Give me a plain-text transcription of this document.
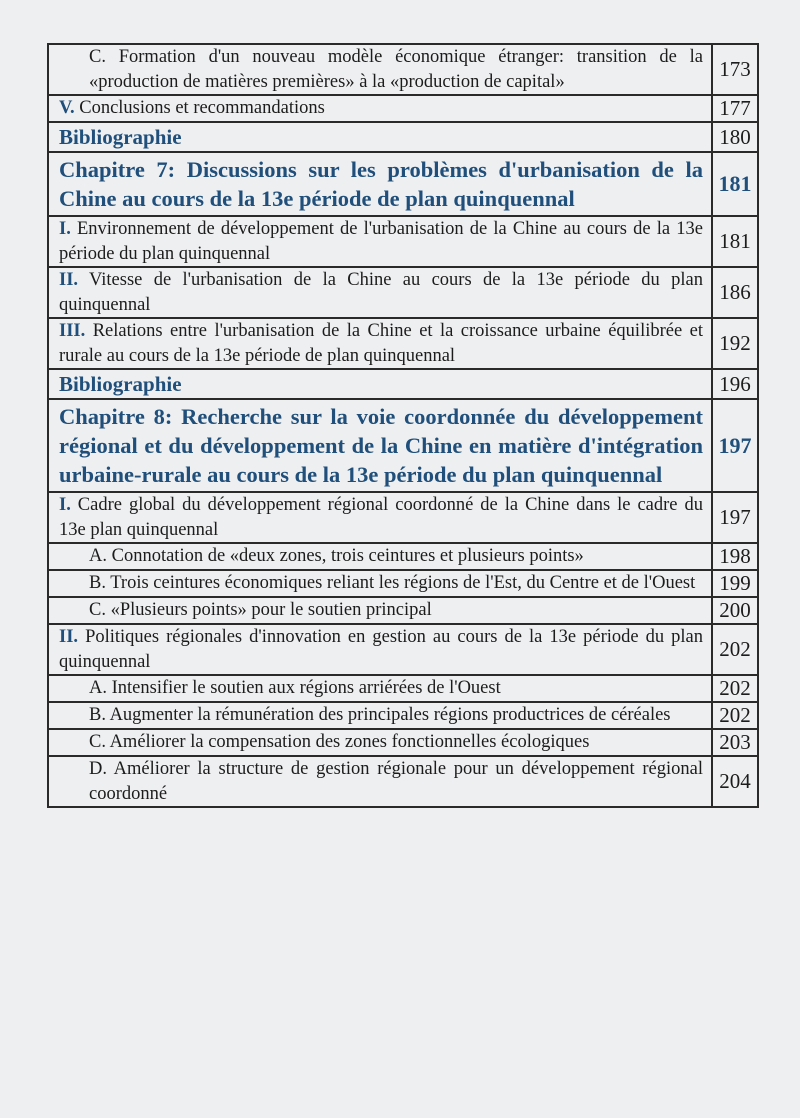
C. Formation d'un nouveau modèle économique étranger: transition de la «production de matières premières» à la «production de capital»	173
V. Conclusions et recommandations	177
Bibliographie	180
Chapitre 7: Discussions sur les problèmes d'urbanisation de la Chine au cours de la 13e période de plan quinquennal	181
I. Environnement de développement de l'urbanisation de la Chine au cours de la 13e période du plan quinquennal	181
II. Vitesse de l'urbanisation de la Chine au cours de la 13e période du plan quinquennal	186
III. Relations entre l'urbanisation de la Chine et la croissance urbaine équilibrée et rurale au cours de la 13e période de plan quinquennal	192
Bibliographie	196
Chapitre 8: Recherche sur la voie coordonnée du développement régional et du développement de la Chine en matière d'intégration urbaine-rurale au cours de la 13e période du plan quinquennal	197
I. Cadre global du développement régional coordonné de la Chine dans le cadre du 13e plan quinquennal	197
A. Connotation de «deux zones, trois ceintures et plusieurs points»	198
B. Trois ceintures économiques reliant les régions de l'Est, du Centre et de l'Ouest	199
C. «Plusieurs points» pour le soutien principal	200
II. Politiques régionales d'innovation en gestion au cours de la 13e période du plan quinquennal	202
A. Intensifier le soutien aux régions arriérées de l'Ouest	202
B. Augmenter la rémunération des principales régions productrices de céréales	202
C. Améliorer la compensation des zones fonctionnelles écologiques	203
D. Améliorer la structure de gestion régionale pour un développement régional coordonné	204
